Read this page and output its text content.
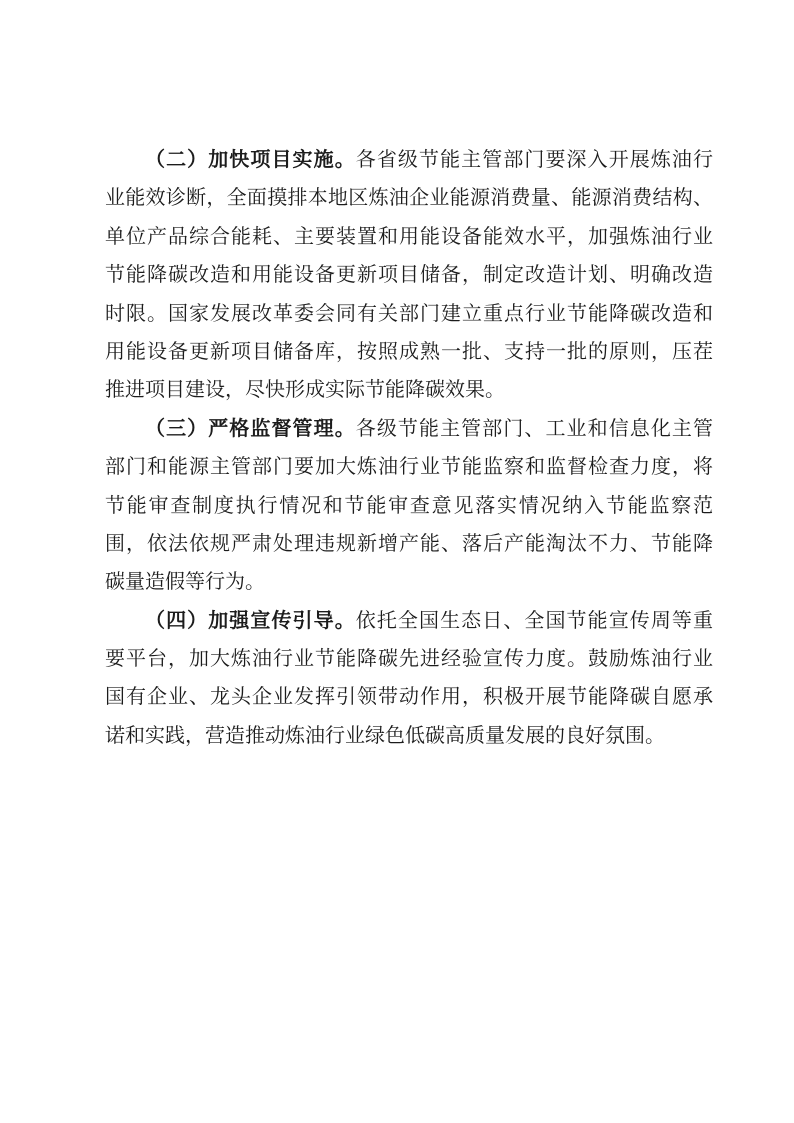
（二）加快项目实施。各省级节能主管部门要深入开展炼油行
业能效诊断，全面摸排本地区炼油企业能源消费量、能源消费结构、
单位产品综合能耗、主要装置和用能设备能效水平，加强炼油行业
节能降碳改造和用能设备更新项目储备，制定改造计划、明确改造
时限。国家发展改革委会同有关部门建立重点行业节能降碳改造和
用能设备更新项目储备库，按照成熟一批、支持一批的原则，压茬
推进项目建设，尽快形成实际节能降碳效果。
（三）严格监督管理。各级节能主管部门、工业和信息化主管
部门和能源主管部门要加大炼油行业节能监察和监督检查力度，将
节能审查制度执行情况和节能审查意见落实情况纳入节能监察范
围，依法依规严肃处理违规新增产能、落后产能淘汰不力、节能降
碳量造假等行为。
（四）加强宣传引导。依托全国生态日、全国节能宣传周等重
要平台，加大炼油行业节能降碳先进经验宣传力度。鼓励炼油行业
国有企业、龙头企业发挥引领带动作用，积极开展节能降碳自愿承
诺和实践，营造推动炼油行业绿色低碳高质量发展的良好氛围。
